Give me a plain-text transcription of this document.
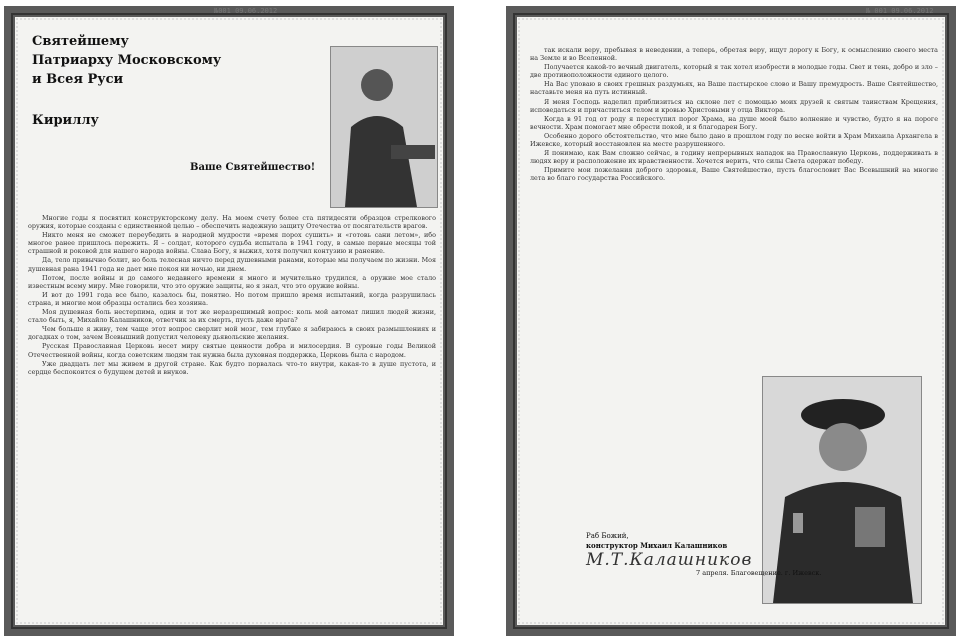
№001 09.06.2012
Святейшему
Патриарху Московскому
и Всея Руси
Кириллу
Ваше Святейшество!

Многие годы я посвятил конструкторскому делу. На моем счету более ста пятидесяти образцов стрелкового оружия, которые созданы с единственной целью – обеспечить надежную защиту Отечества от посягательств врагов.

Никто меня не сможет переубедить в народной мудрости «время порох сушить» и «готовь сани летом», ибо многое ранее пришлось пережить. Я – солдат, которого судьба испытала в 1941 году, в самые первые месяцы той страшной и роковой для нашего народа войны. Слава Богу, я выжил, хотя получил контузию и ранение.

Да, тело привычно болит, но боль телесная ничто перед душевными ранами, которые мы получаем по жизни. Моя душевная рана 1941 года не дает мне покоя ни ночью, ни днем.

Потом, после войны и до самого недавнего времени я много и мучительно трудился, а оружие мое стало известным всему миру. Мне говорили, что это оружие защиты, но я знал, что это оружие войны.

И вот до 1991 года все было, казалось бы, понятно. Но потом пришло время испытаний, когда разрушилась страна, и многие мои образцы остались без хозяина.

Моя душевная боль нестерпима, один и тот же неразрешимый вопрос: коль мой автомат лишил людей жизни, стало быть, я, Михайло Калашников, ответчик за их смерть, пусть даже врага?

Чем больше я живу, тем чаще этот вопрос сверлит мой мозг, тем глубже я забираюсь в своих размышлениях и догадках о том, зачем Всевышний допустил человеку дьявольские желания.

Русская Православная Церковь несет миру святые ценности добра и милосердия. В суровые годы Великой Отечественной войны, когда советским людям так нужна была духовная поддержка, Церковь была с народом.

Уже двадцать лет мы живем в другой стране. Как будто порвалась что-то внутри, какая-то в душе пустота, и сердце беспокоится о будущем детей и внуков.

№ 001 09.06.2012

так искали веру, пребывая в неведении, а теперь, обретая веру, ищут дорогу к Богу, к осмыслению своего места на Земле и во Вселенной.

Получается какой-то вечный двигатель, который я так хотел изобрести в молодые годы. Свет и тень, добро и зло – две противоположности единого целого.

На Вас уповаю в своих грешных раздумьях, на Ваше пастырское слово и Вашу премудрость. Ваше Святейшество, наставьте меня на путь истинный.

Я меня Господь наделил приблизиться на склоне лет с помощью моих друзей к святым таинствам Крещения, исповедаться и причаститься телом и кровью Христовыми у отца Виктора.

Когда в 91 год от роду я переступил порог Храма, на душе моей было волнение и чувство, будто я на пороге вечности. Храм помогает мне обрести покой, и я благодарен Богу.

Особенно дорого обстоятельство, что мне было дано в прошлом году по весне войти в Храм Михаила Архангела в Ижевске, который восстановлен на месте разрушенного.

Я понимаю, как Вам сложно сейчас, в годину непрерывных нападок на Православную Церковь, поддерживать в людях веру и расположение их нравственности. Хочется верить, что силы Света одержат победу.

Примите мои пожелания доброго здоровья, Ваше Святейшество, пусть благословит Вас Всевышний на многие лета во благо государства Российского.

Раб Божий,
конструктор Михаил Калашников
М.Т.Калашников
7 апреля. Благовещение. г. Ижевск.
